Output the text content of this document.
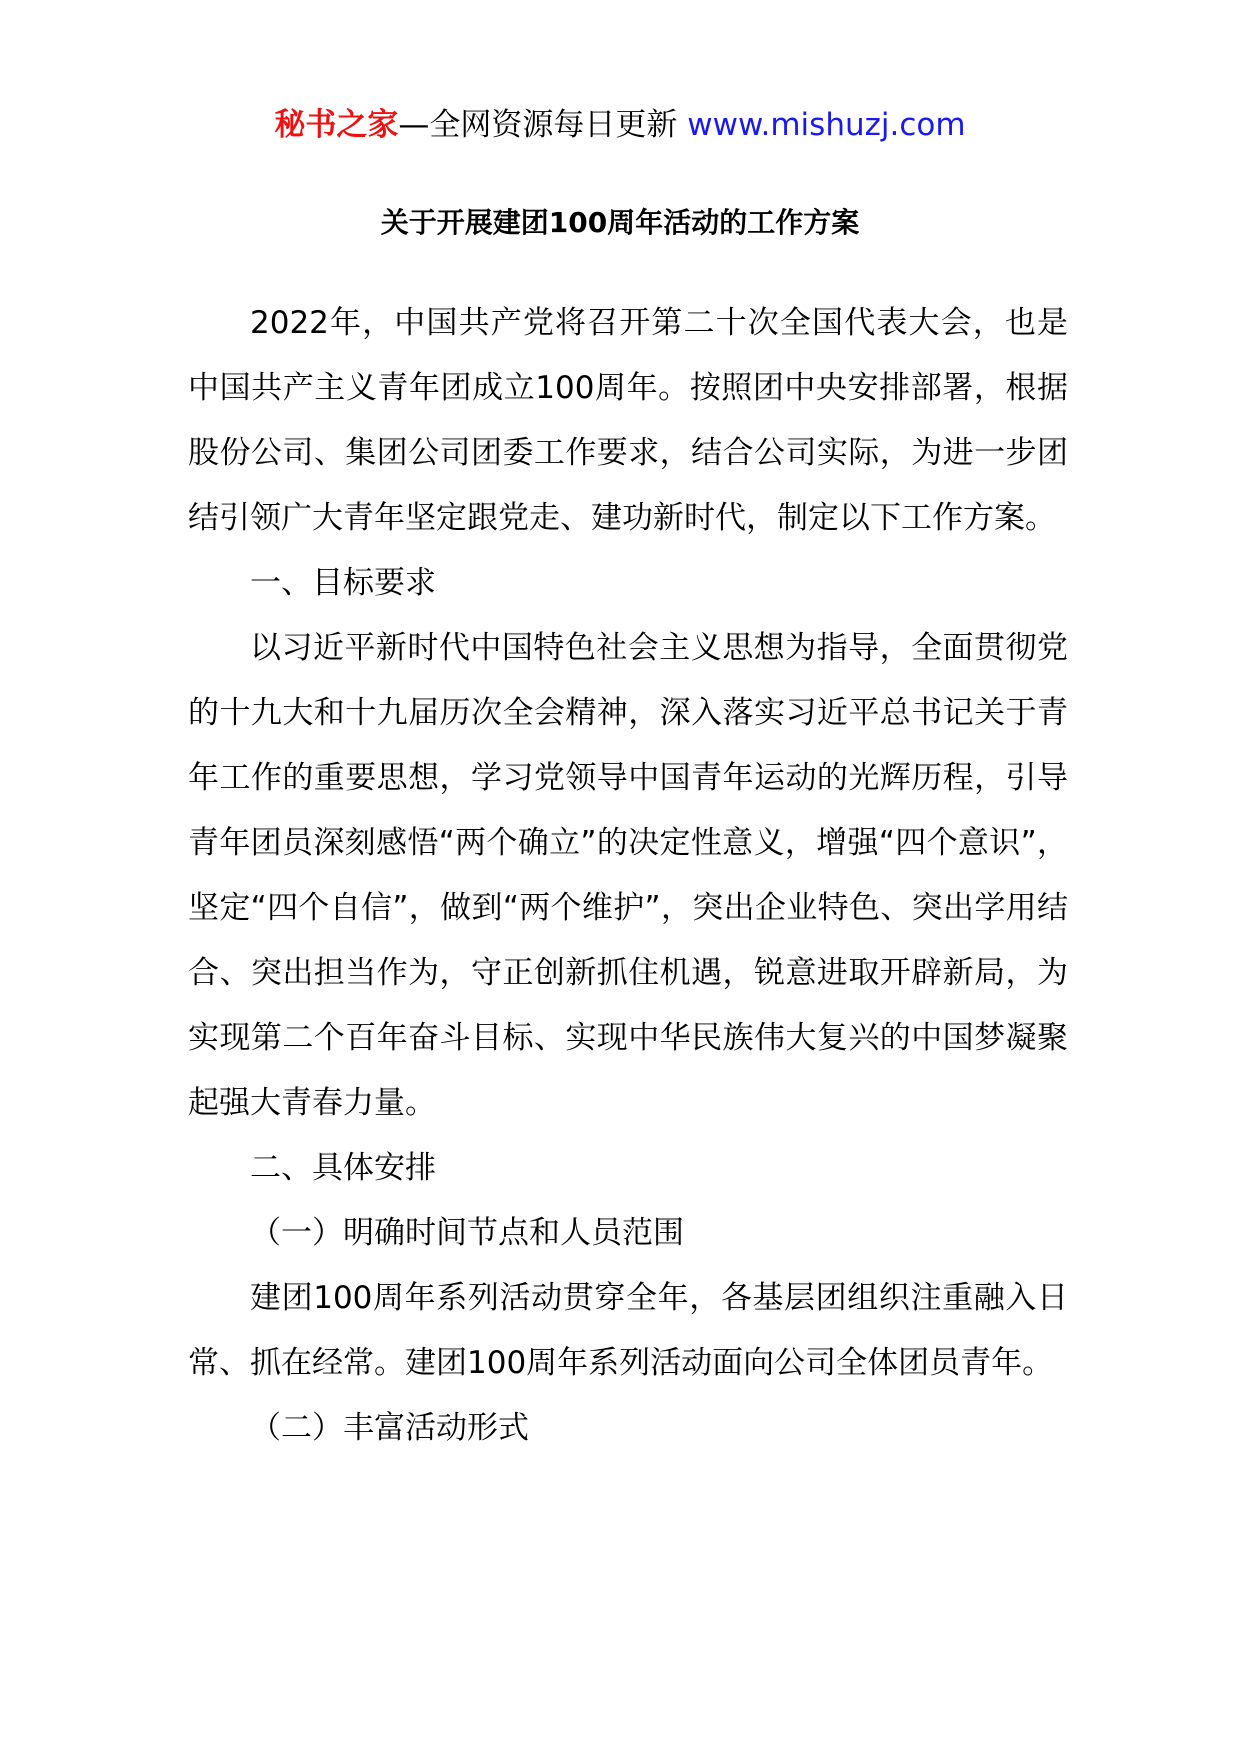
秘书之家—全网资源每日更新 www.mishuzj.com
关于开展建团100周年活动的工作方案

2022年，中国共产党将召开第二十次全国代表大会，也是中国共产主义青年团成立100周年。按照团中央安排部署，根据股份公司、集团公司团委工作要求，结合公司实际，为进一步团结引领广大青年坚定跟党走、建功新时代，制定以下工作方案。

一、目标要求

以习近平新时代中国特色社会主义思想为指导，全面贯彻党的十九大和十九届历次全会精神，深入落实习近平总书记关于青年工作的重要思想，学习党领导中国青年运动的光辉历程，引导青年团员深刻感悟“两个确立”的决定性意义，增强“四个意识”，坚定“四个自信”，做到“两个维护”，突出企业特色、突出学用结合、突出担当作为，守正创新抓住机遇，锐意进取开辟新局，为实现第二个百年奋斗目标、实现中华民族伟大复兴的中国梦凝聚起强大青春力量。

二、具体安排

（一）明确时间节点和人员范围

建团100周年系列活动贯穿全年，各基层团组织注重融入日常、抓在经常。建团100周年系列活动面向公司全体团员青年。

（二）丰富活动形式
